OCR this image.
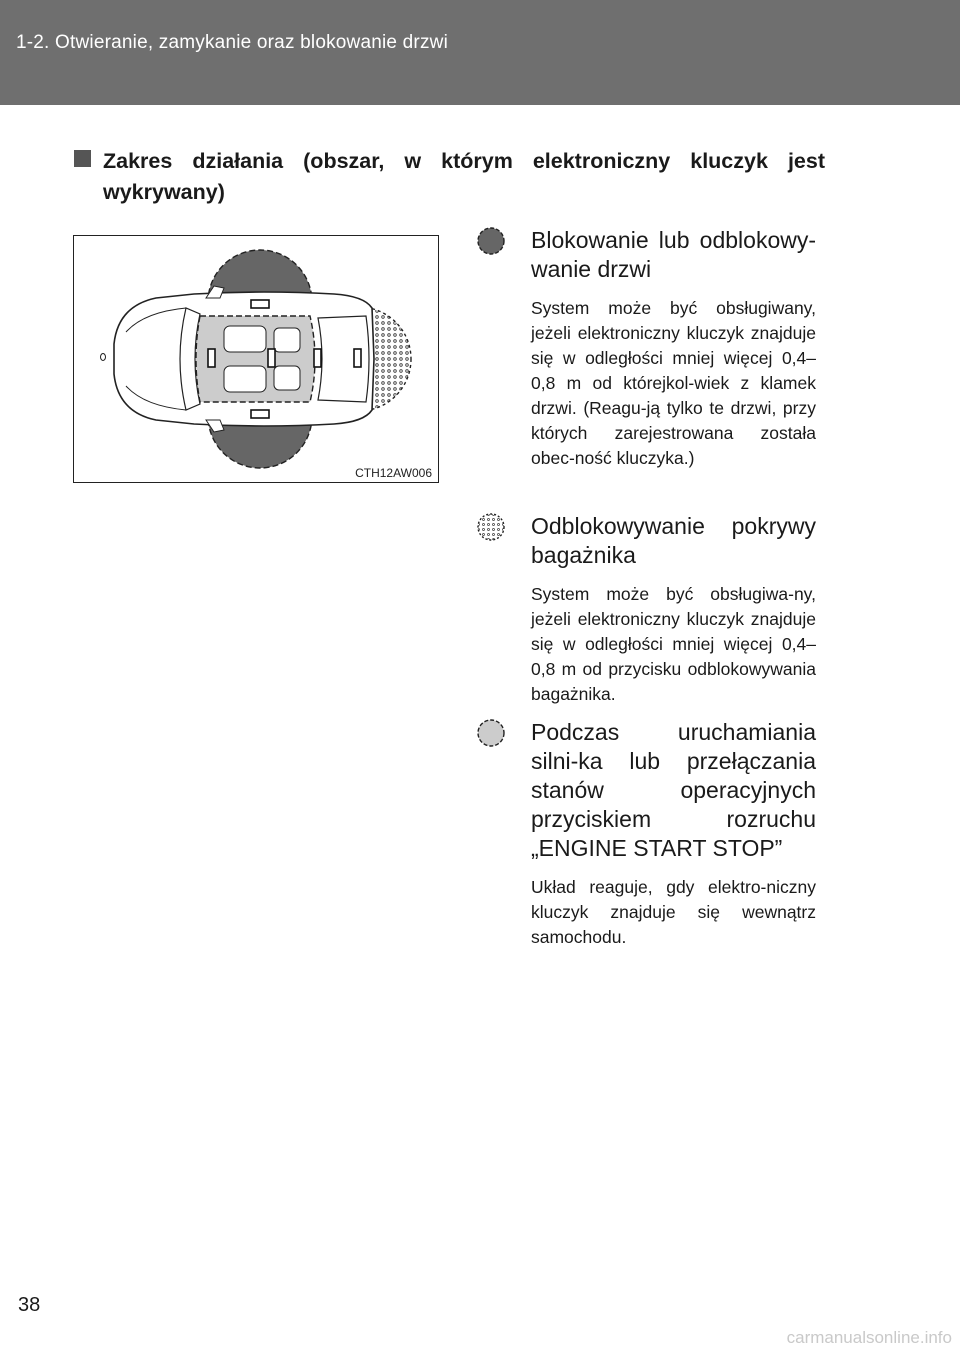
1-2. Otwieranie, zamykanie oraz blokowanie drzwi
Zakres działania (obszar, w którym elektroniczny kluczyk jest wykrywany)
CTH12AW006
Blokowanie lub odblokowy-wanie drzwi
System może być obsługiwany, jeżeli elektroniczny kluczyk znajduje się w odległości mniej więcej 0,4–0,8 m od którejkol-wiek z klamek drzwi. (Reagu-ją tylko te drzwi, przy których zarejestrowana została obec-ność kluczyka.)
Odblokowywanie pokrywy bagażnika
System może być obsługiwa-ny, jeżeli elektroniczny kluczyk znajduje się w odległości mniej więcej 0,4–0,8 m od przycisku odblokowywania bagażnika.
Podczas uruchamiania silni-ka lub przełączania stanów operacyjnych przyciskiem rozruchu „ENGINE START STOP”
Układ reaguje, gdy elektro-niczny kluczyk znajduje się wewnątrz samochodu.
38
carmanualsonline.info
